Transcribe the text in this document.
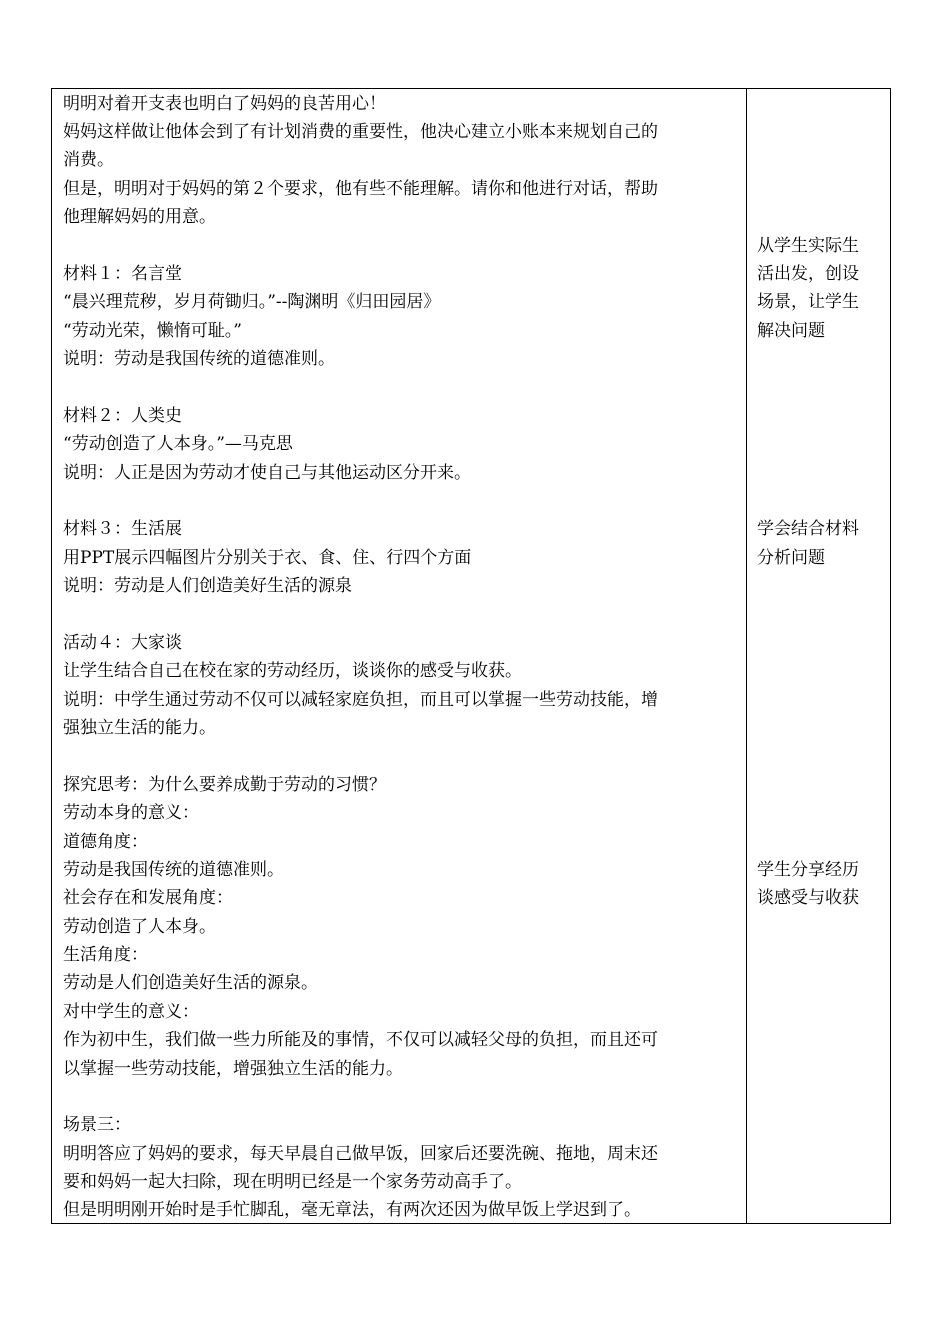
明明对着开支表也明白了妈妈的良苦用心！
妈妈这样做让他体会到了有计划消费的重要性，他决心建立小账本来规划自己的
消费。
但是，明明对于妈妈的第２个要求，他有些不能理解。请你和他进行对话，帮助
他理解妈妈的用意。
材料１：名言堂
“晨兴理荒秽，岁月荷锄归。”--陶渊明《归田园居》
“劳动光荣，懒惰可耻。”
说明：劳动是我国传统的道德准则。
材料２：人类史
“劳动创造了人本身。”—马克思
说明：人正是因为劳动才使自己与其他运动区分开来。
材料３：生活展
用PPT展示四幅图片分别关于衣、食、住、行四个方面
说明：劳动是人们创造美好生活的源泉
活动４：大家谈
让学生结合自己在校在家的劳动经历，谈谈你的感受与收获。
说明：中学生通过劳动不仅可以减轻家庭负担，而且可以掌握一些劳动技能，增
强独立生活的能力。
探究思考：为什么要养成勤于劳动的习惯？
劳动本身的意义：
道德角度：
劳动是我国传统的道德准则。
社会存在和发展角度：
劳动创造了人本身。
生活角度：
劳动是人们创造美好生活的源泉。
对中学生的意义：
作为初中生，我们做一些力所能及的事情，不仅可以减轻父母的负担，而且还可
以掌握一些劳动技能，增强独立生活的能力。
场景三：
明明答应了妈妈的要求，每天早晨自己做早饭，回家后还要洗碗、拖地，周末还
要和妈妈一起大扫除，现在明明已经是一个家务劳动高手了。
但是明明刚开始时是手忙脚乱，毫无章法，有两次还因为做早饭上学迟到了。
从学生实际生
活出发，创设
场景，让学生
解决问题
学会结合材料
分析问题
学生分享经历
谈感受与收获
